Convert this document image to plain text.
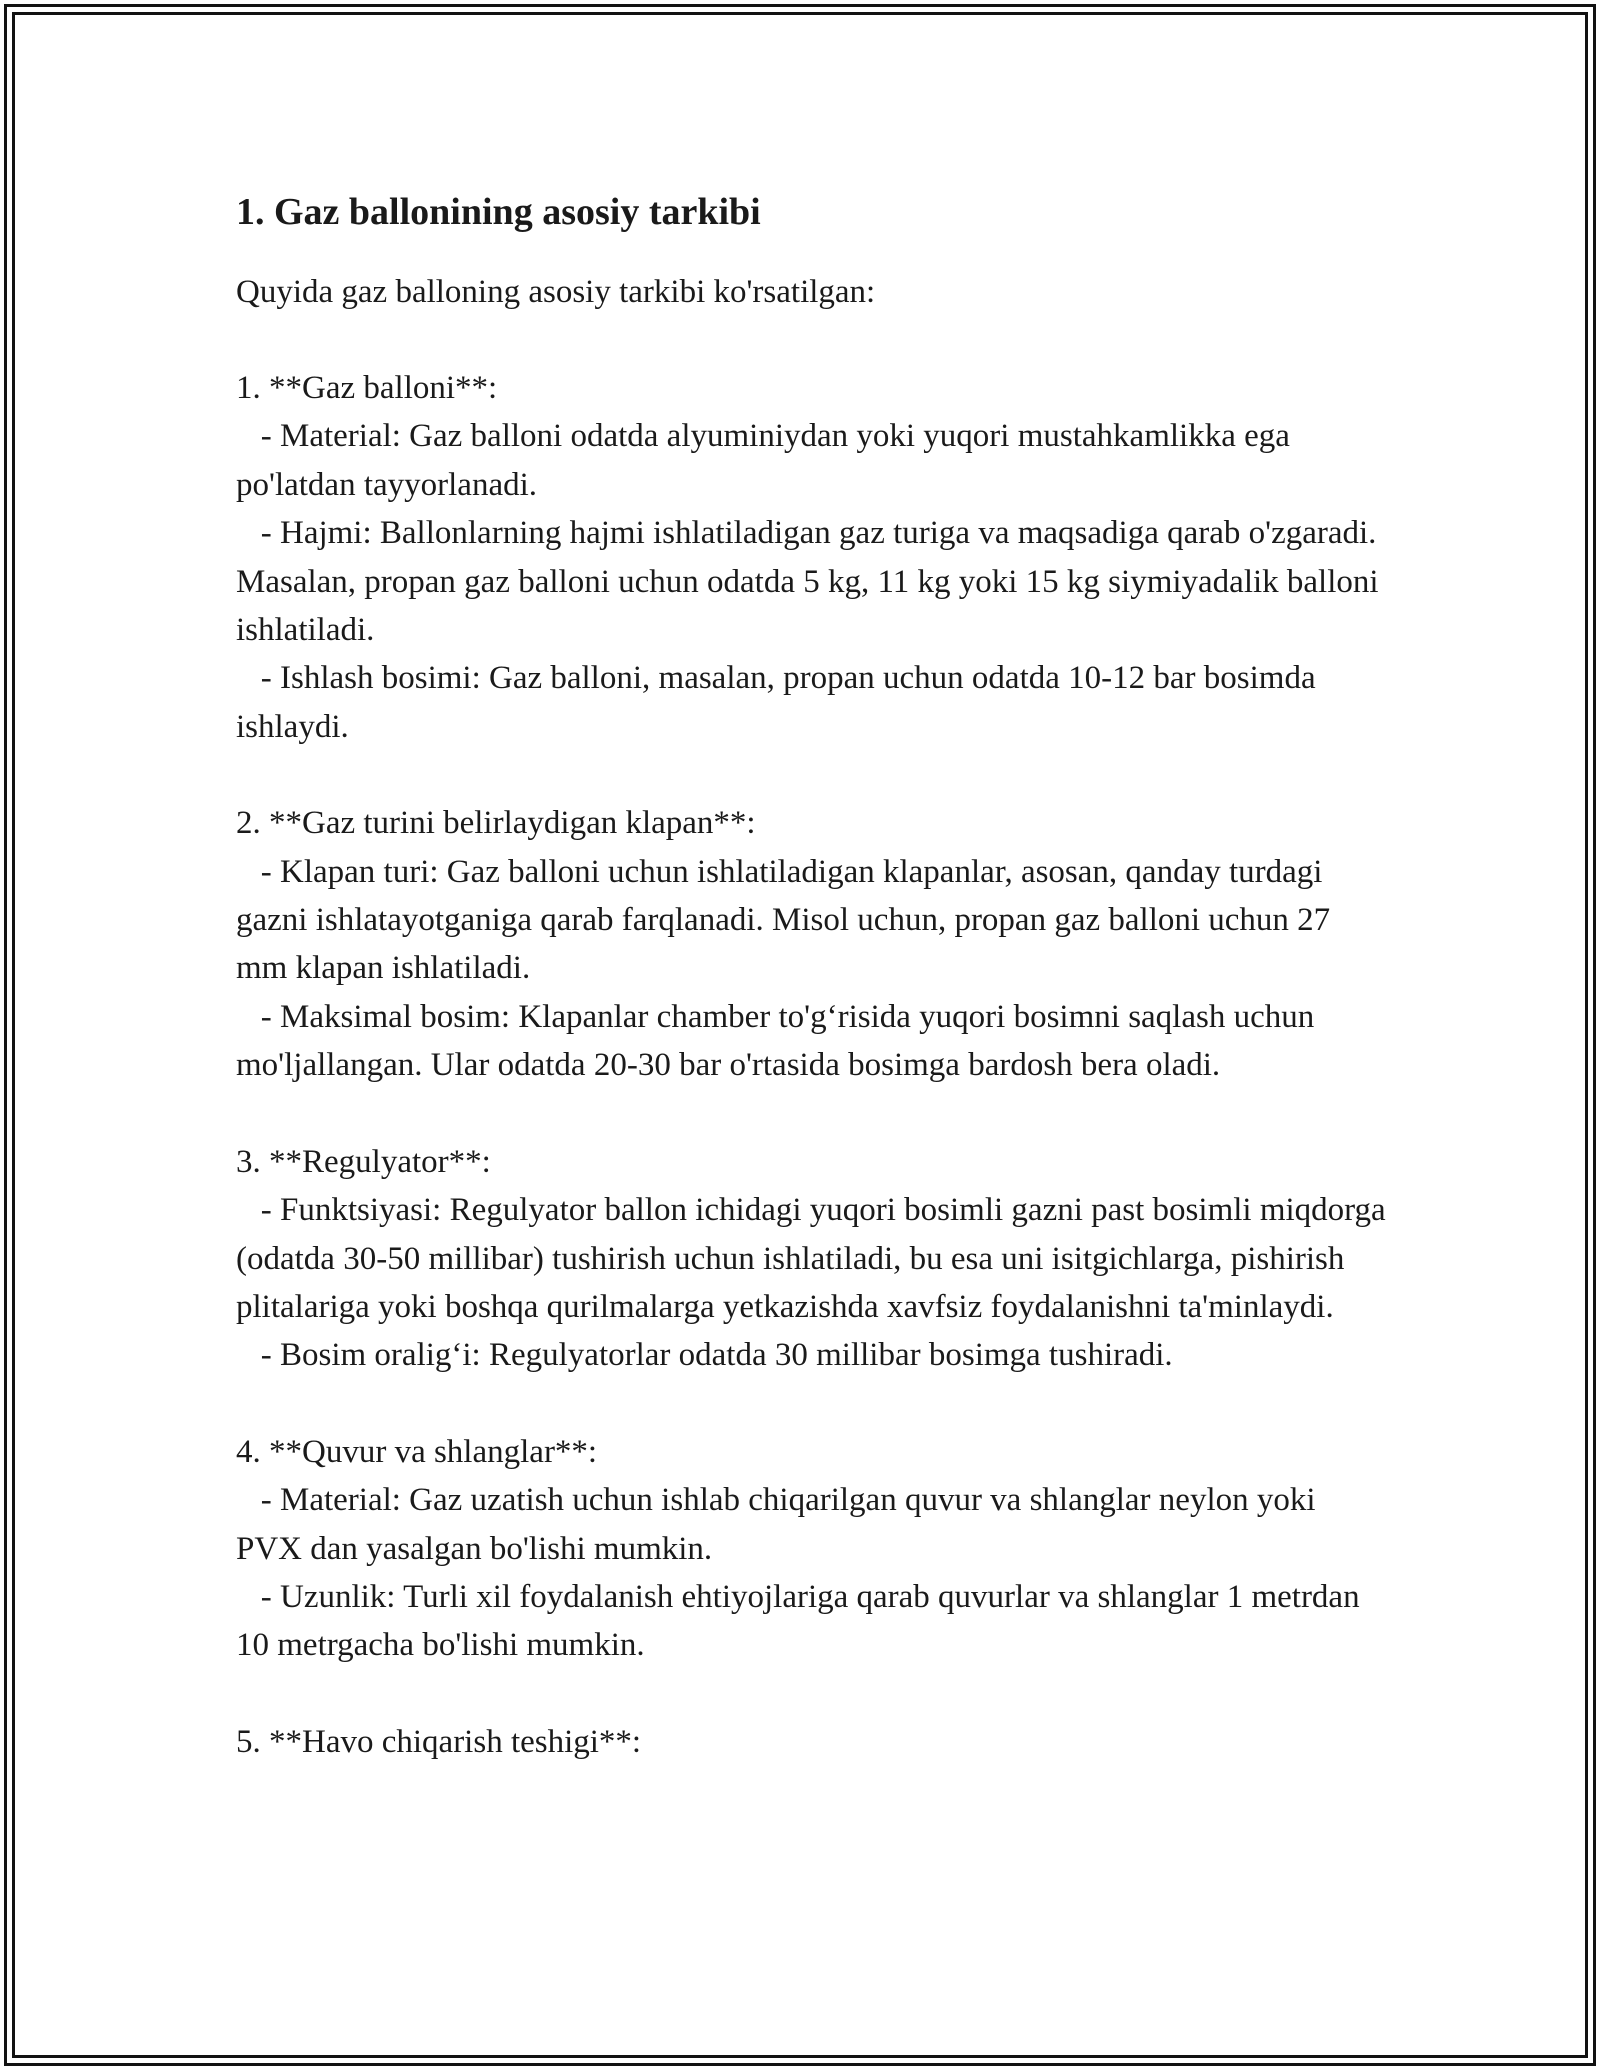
1. Gaz ballonining asosiy tarkibi
Quyida gaz balloning asosiy tarkibi ko'rsatilgan:
1. **Gaz balloni**:
- Material: Gaz balloni odatda alyuminiydan yoki yuqori mustahkamlikka ega po'latdan tayyorlanadi.
- Hajmi: Ballonlarning hajmi ishlatiladigan gaz turiga va maqsadiga qarab o'zgaradi. Masalan, propan gaz balloni uchun odatda 5 kg, 11 kg yoki 15 kg siymiyadalik balloni ishlatiladi.
- Ishlash bosimi: Gaz balloni, masalan, propan uchun odatda 10-12 bar bosimda ishlaydi.
2. **Gaz turini belirlaydigan klapan**:
- Klapan turi: Gaz balloni uchun ishlatiladigan klapanlar, asosan, qanday turdagi gazni ishlatayotganiga qarab farqlanadi. Misol uchun, propan gaz balloni uchun 27 mm klapan ishlatiladi.
- Maksimal bosim: Klapanlar chamber to'g‘risida yuqori bosimni saqlash uchun mo'ljallangan. Ular odatda 20-30 bar o'rtasida bosimga bardosh bera oladi.
3. **Regulyator**:
- Funktsiyasi: Regulyator ballon ichidagi yuqori bosimli gazni past bosimli miqdorga (odatda 30-50 millibar) tushirish uchun ishlatiladi, bu esa uni isitgichlarga, pishirish plitalariga yoki boshqa qurilmalarga yetkazishda xavfsiz foydalanishni ta'minlaydi.
- Bosim oralig‘i: Regulyatorlar odatda 30 millibar bosimga tushiradi.
4. **Quvur va shlanglar**:
- Material: Gaz uzatish uchun ishlab chiqarilgan quvur va shlanglar neylon yoki PVX dan yasalgan bo'lishi mumkin.
- Uzunlik: Turli xil foydalanish ehtiyojlariga qarab quvurlar va shlanglar 1 metrdan 10 metrgacha bo'lishi mumkin.
5. **Havo chiqarish teshigi**:
